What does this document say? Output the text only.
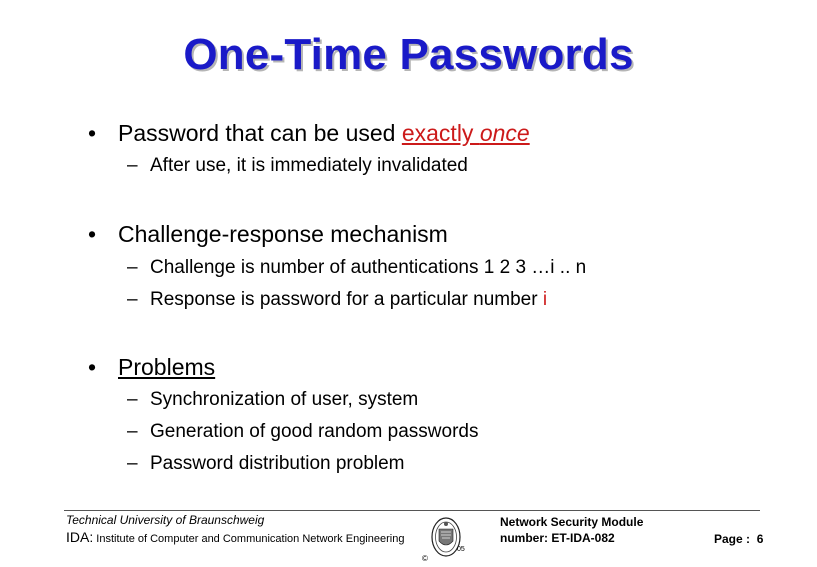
One-Time Passwords
• Password that can be used exactly once
– After use, it is immediately invalidated
• Challenge-response mechanism
– Challenge is number of authentications 1 2 3 …i .. n
– Response is password for a particular number i
• Problems
– Synchronization of user, system
– Generation of good random passwords
– Password distribution problem
Technical University of Braunschweig
IDA: Institute of Computer and Communication Network Engineering
©
05
Network Security Module number: ET-IDA-082	Page : 6
